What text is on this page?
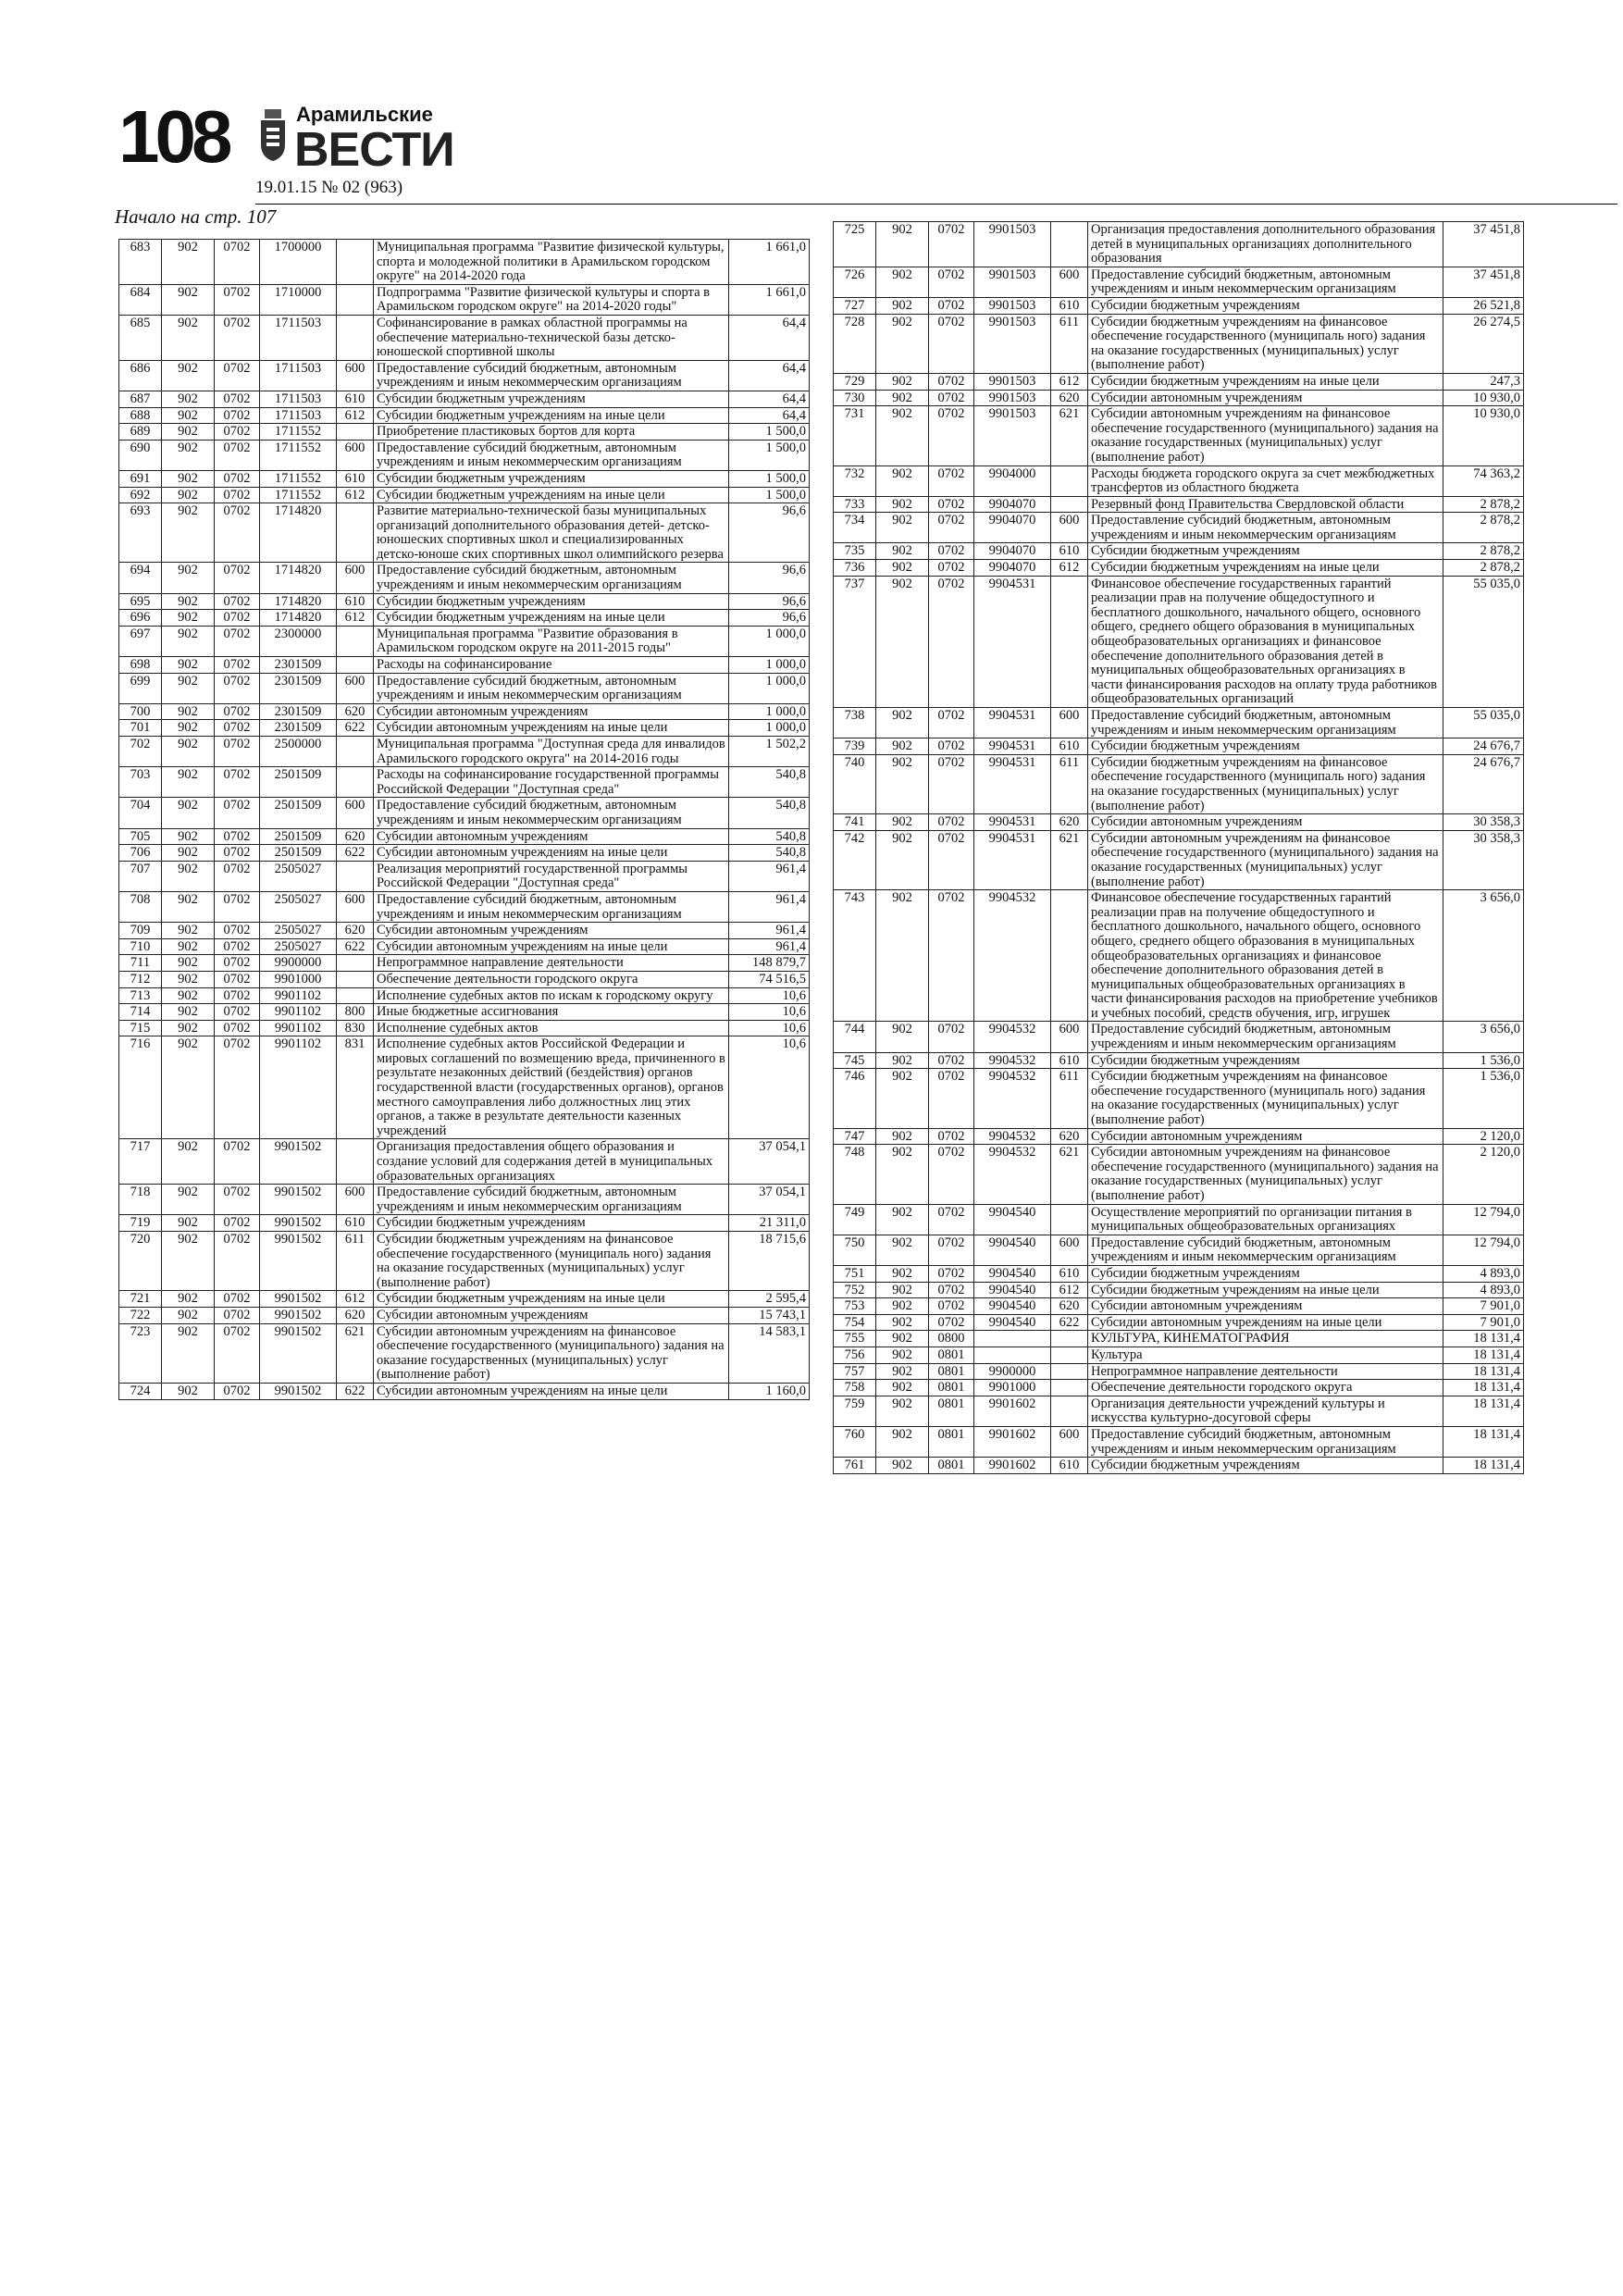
108	Арамильские
ВЕСТИ
19.01.15 № 02 (963)
Начало на стр. 107
683	902	0702	1700000		Муниципальная программа "Развитие физической культуры, спорта и молодежной политики в Арамильском городском округе" на 2014-2020 года	1 661,0
684	902	0702	1710000		Подпрограмма "Развитие физической культуры и спорта в Арамильском городском округе" на 2014-2020 годы"	1 661,0
685	902	0702	1711503		Софинансирование в рамках областной программы на обеспечение материально-технической базы детско-юношеской спортивной школы	64,4
686	902	0702	1711503	600	Предоставление субсидий бюджетным, автономным учреждениям и иным некоммерческим организациям	64,4
687	902	0702	1711503	610	Субсидии бюджетным учреждениям	64,4
688	902	0702	1711503	612	Субсидии бюджетным учреждениям на иные цели	64,4
689	902	0702	1711552		Приобретение пластиковых бортов для корта	1 500,0
690	902	0702	1711552	600	Предоставление субсидий бюджетным, автономным учреждениям и иным некоммерческим организациям	1 500,0
691	902	0702	1711552	610	Субсидии бюджетным учреждениям	1 500,0
692	902	0702	1711552	612	Субсидии бюджетным учреждениям на иные цели	1 500,0
693	902	0702	1714820		Развитие материально-технической базы муниципальных организаций дополнительного образования детей- детско-юношеских спортивных школ и специализированных детско-юноше ских спортивных школ олимпийского резерва	96,6
694	902	0702	1714820	600	Предоставление субсидий бюджетным, автономным учреждениям и иным некоммерческим организациям	96,6
695	902	0702	1714820	610	Субсидии бюджетным учреждениям	96,6
696	902	0702	1714820	612	Субсидии бюджетным учреждениям на иные цели	96,6
697	902	0702	2300000		Муниципальная программа "Развитие образования в Арамильском городском округе на 2011-2015 годы"	1 000,0
698	902	0702	2301509		Расходы на софинансирование	1 000,0
699	902	0702	2301509	600	Предоставление субсидий бюджетным, автономным учреждениям и иным некоммерческим организациям	1 000,0
700	902	0702	2301509	620	Субсидии автономным учреждениям	1 000,0
701	902	0702	2301509	622	Субсидии автономным учреждениям на иные цели	1 000,0
702	902	0702	2500000		Муниципальная программа "Доступная среда для инвалидов Арамильского городского округа" на 2014-2016 годы	1 502,2
703	902	0702	2501509		Расходы на софинансирование государственной программы Российской Федерации "Доступная среда"	540,8
704	902	0702	2501509	600	Предоставление субсидий бюджетным, автономным учреждениям и иным некоммерческим организациям	540,8
705	902	0702	2501509	620	Субсидии автономным учреждениям	540,8
706	902	0702	2501509	622	Субсидии автономным учреждениям на иные цели	540,8
707	902	0702	2505027		Реализация мероприятий государственной программы Российской Федерации "Доступная среда"	961,4
708	902	0702	2505027	600	Предоставление субсидий бюджетным, автономным учреждениям и иным некоммерческим организациям	961,4
709	902	0702	2505027	620	Субсидии автономным учреждениям	961,4
710	902	0702	2505027	622	Субсидии автономным учреждениям на иные цели	961,4
711	902	0702	9900000		Непрограммное направление деятельности	148 879,7
712	902	0702	9901000		Обеспечение деятельности городского округа	74 516,5
713	902	0702	9901102		Исполнение судебных актов по искам к городскому округу	10,6
714	902	0702	9901102	800	Иные бюджетные ассигнования	10,6
715	902	0702	9901102	830	Исполнение судебных актов	10,6
716	902	0702	9901102	831	Исполнение судебных актов Российской Федерации и мировых соглашений по возмещению вреда, причиненного в результате незаконных действий (бездействия) органов государственной власти (государственных органов), органов местного самоуправления либо должностных лиц этих органов, а также в результате деятельности казенных учреждений	10,6
717	902	0702	9901502		Организация предоставления общего образования и создание условий для содержания детей в муниципальных образовательных организациях	37 054,1
718	902	0702	9901502	600	Предоставление субсидий бюджетным, автономным учреждениям и иным некоммерческим организациям	37 054,1
719	902	0702	9901502	610	Субсидии бюджетным учреждениям	21 311,0
720	902	0702	9901502	611	Субсидии бюджетным учреждениям на финансовое обеспечение государственного (муниципаль ного) задания на оказание государственных (муниципальных) услуг (выполнение работ)	18 715,6
721	902	0702	9901502	612	Субсидии бюджетным учреждениям на иные цели	2 595,4
722	902	0702	9901502	620	Субсидии автономным учреждениям	15 743,1
723	902	0702	9901502	621	Субсидии автономным учреждениям на финансовое обеспечение государственного (муниципального) задания на оказание государственных (муниципальных) услуг (выполнение работ)	14 583,1
724	902	0702	9901502	622	Субсидии автономным учреждениям на иные цели	1 160,0
725	902	0702	9901503		Организация предоставления дополнительного образования детей в муниципальных организациях дополнительного образования	37 451,8
726	902	0702	9901503	600	Предоставление субсидий бюджетным, автономным учреждениям и иным некоммерческим организациям	37 451,8
727	902	0702	9901503	610	Субсидии бюджетным учреждениям	26 521,8
728	902	0702	9901503	611	Субсидии бюджетным учреждениям на финансовое обеспечение государственного (муниципаль ного) задания на оказание государственных (муниципальных) услуг (выполнение работ)	26 274,5
729	902	0702	9901503	612	Субсидии бюджетным учреждениям на иные цели	247,3
730	902	0702	9901503	620	Субсидии автономным учреждениям	10 930,0
731	902	0702	9901503	621	Субсидии автономным учреждениям на финансовое обеспечение государственного (муниципального) задания на оказание государственных (муниципальных) услуг (выполнение работ)	10 930,0
732	902	0702	9904000		Расходы бюджета городского округа за счет межбюджетных трансфертов из областного бюджета	74 363,2
733	902	0702	9904070		Резервный фонд Правительства Свердловской области	2 878,2
734	902	0702	9904070	600	Предоставление субсидий бюджетным, автономным учреждениям и иным некоммерческим организациям	2 878,2
735	902	0702	9904070	610	Субсидии бюджетным учреждениям	2 878,2
736	902	0702	9904070	612	Субсидии бюджетным учреждениям на иные цели	2 878,2
737	902	0702	9904531		Финансовое обеспечение государственных гарантий реализации прав на получение общедоступного и бесплатного дошкольного, начального общего, основного общего, среднего общего образования в муниципальных общеобразовательных организациях и финансовое обеспечение дополнительного образования детей в муниципальных общеобразовательных организациях в части финансирования расходов на оплату труда работников общеобразовательных организаций	55 035,0
738	902	0702	9904531	600	Предоставление субсидий бюджетным, автономным учреждениям и иным некоммерческим организациям	55 035,0
739	902	0702	9904531	610	Субсидии бюджетным учреждениям	24 676,7
740	902	0702	9904531	611	Субсидии бюджетным учреждениям на финансовое обеспечение государственного (муниципаль ного) задания на оказание государственных (муниципальных) услуг (выполнение работ)	24 676,7
741	902	0702	9904531	620	Субсидии автономным учреждениям	30 358,3
742	902	0702	9904531	621	Субсидии автономным учреждениям на финансовое обеспечение государственного (муниципального) задания на оказание государственных (муниципальных) услуг (выполнение работ)	30 358,3
743	902	0702	9904532		Финансовое обеспечение государственных гарантий реализации прав на получение общедоступного и бесплатного дошкольного, начального общего, основного общего, среднего общего образования в муниципальных общеобразовательных организациях и финансовое обеспечение дополнительного образования детей в муниципальных общеобразовательных организациях в части финансирования расходов на приобретение учебников и учебных пособий, средств обучения, игр, игрушек	3 656,0
744	902	0702	9904532	600	Предоставление субсидий бюджетным, автономным учреждениям и иным некоммерческим организациям	3 656,0
745	902	0702	9904532	610	Субсидии бюджетным учреждениям	1 536,0
746	902	0702	9904532	611	Субсидии бюджетным учреждениям на финансовое обеспечение государственного (муниципаль ного) задания на оказание государственных (муниципальных) услуг (выполнение работ)	1 536,0
747	902	0702	9904532	620	Субсидии автономным учреждениям	2 120,0
748	902	0702	9904532	621	Субсидии автономным учреждениям на финансовое обеспечение государственного (муниципального) задания на оказание государственных (муниципальных) услуг (выполнение работ)	2 120,0
749	902	0702	9904540		Осуществление мероприятий по организации питания в муниципальных общеобразовательных организациях	12 794,0
750	902	0702	9904540	600	Предоставление субсидий бюджетным, автономным учреждениям и иным некоммерческим организациям	12 794,0
751	902	0702	9904540	610	Субсидии бюджетным учреждениям	4 893,0
752	902	0702	9904540	612	Субсидии бюджетным учреждениям на иные цели	4 893,0
753	902	0702	9904540	620	Субсидии автономным учреждениям	7 901,0
754	902	0702	9904540	622	Субсидии автономным учреждениям на иные цели	7 901,0
755	902	0800			КУЛЬТУРА, КИНЕМАТОГРАФИЯ	18 131,4
756	902	0801			Культура	18 131,4
757	902	0801	9900000		Непрограммное направление деятельности	18 131,4
758	902	0801	9901000		Обеспечение деятельности городского округа	18 131,4
759	902	0801	9901602		Организация деятельности учреждений культуры и искусства культурно-досуговой сферы	18 131,4
760	902	0801	9901602	600	Предоставление субсидий бюджетным, автономным учреждениям и иным некоммерческим организациям	18 131,4
761	902	0801	9901602	610	Субсидии бюджетным учреждениям	18 131,4
